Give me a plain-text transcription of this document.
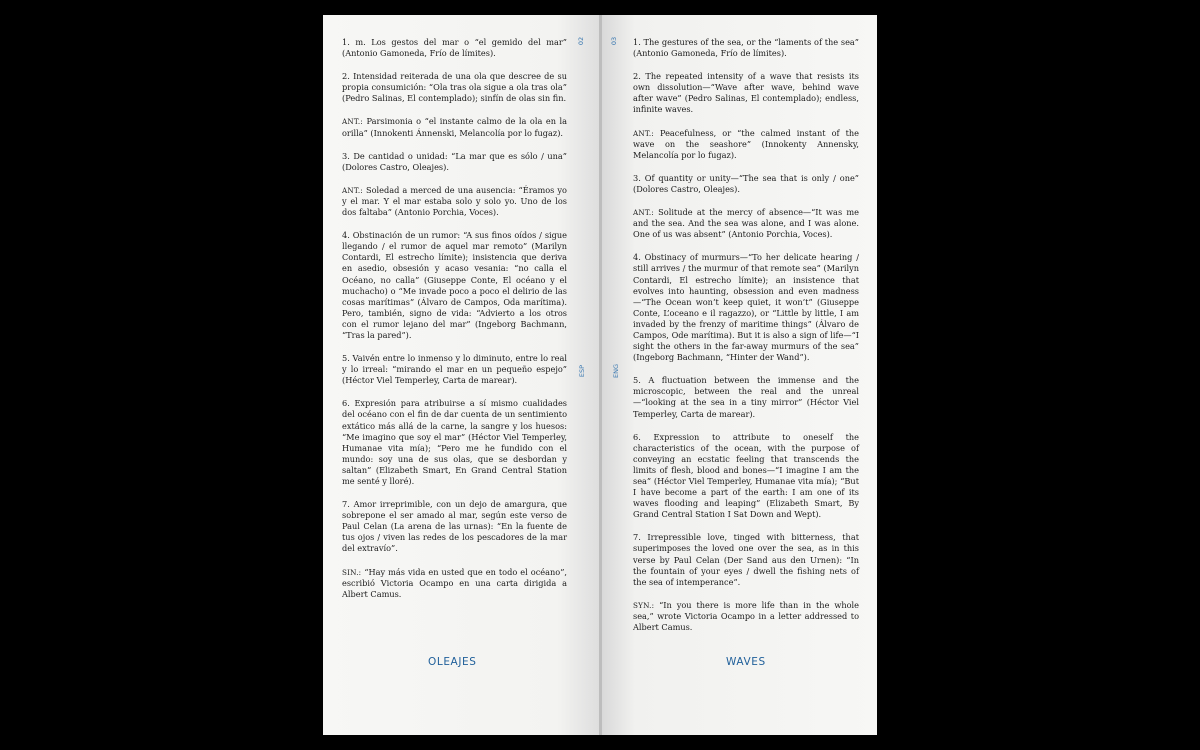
1. m. Los gestos del mar o “el gemido del mar” (Antonio Gamoneda, Frío de límites).

2. Intensidad reiterada de una ola que descree de su propia consumición: “Ola tras ola sigue a ola tras ola” (Pedro Salinas, El contemplado); sinfín de olas sin fin.

ANT.: Parsimonia o “el instante calmo de la ola en la orilla” (Innokenti Ánnenski, Melancolía por lo fugaz).

3. De cantidad o unidad: “La mar que es sólo / una” (Dolores Castro, Oleajes).

ANT.: Soledad a merced de una ausencia: “Éramos yo y el mar. Y el mar estaba solo y solo yo. Uno de los dos faltaba” (Antonio Porchia, Voces).

4. Obstinación de un rumor: “A sus finos oídos / sigue llegando / el rumor de aquel mar remoto” (Marilyn Contardi, El estrecho límite); insistencia que deriva en asedio, obsesión y acaso vesania: “no calla el Océano, no calla” (Giuseppe Conte, El océano y el muchacho) o “Me invade poco a poco el delirio de las cosas marítimas” (Álvaro de Campos, Oda marítima). Pero, también, signo de vida: “Advierto a los otros con el rumor lejano del mar” (Ingeborg Bachmann, “Tras la pared”).

5. Vaivén entre lo inmenso y lo diminuto, entre lo real y lo irreal: “mirando el mar en un pequeño espejo” (Héctor Viel Temperley, Carta de marear).

6. Expresión para atribuirse a sí mismo cualidades del océano con el fin de dar cuenta de un sentimiento extático más allá de la carne, la sangre y los huesos: “Me imagino que soy el mar” (Héctor Viel Temperley, Humanae vita mía); “Pero me he fundido con el mundo: soy una de sus olas, que se desbordan y saltan” (Elizabeth Smart, En Grand Central Station me senté y lloré).

7. Amor irreprimible, con un dejo de amargura, que sobrepone el ser amado al mar, según este verso de Paul Celan (La arena de las urnas): “En la fuente de tus ojos / viven las redes de los pescadores de la mar del extravío”.

SIN.: “Hay más vida en usted que en todo el océano”, escribió Victoria Ocampo en una carta dirigida a Albert Camus.

02
ESP
OLEAJES

1. The gestures of the sea, or the “laments of the sea” (Antonio Gamoneda, Frío de límites).

2. The repeated intensity of a wave that resists its own dissolution—“Wave after wave, behind wave after wave” (Pedro Salinas, El contemplado); endless, infinite waves.

ANT.: Peacefulness, or “the calmed instant of the wave on the seashore” (Innokenty Annensky, Melancolía por lo fugaz).

3. Of quantity or unity—“The sea that is only / one” (Dolores Castro, Oleajes).

ANT.: Solitude at the mercy of absence—“It was me and the sea. And the sea was alone, and I was alone. One of us was absent” (Antonio Porchia, Voces).

4. Obstinacy of murmurs—“To her delicate hearing / still arrives / the murmur of that remote sea” (Marilyn Contardi, El estrecho límite); an insistence that evolves into haunting, obsession and even madness—“The Ocean won’t keep quiet, it won’t” (Giuseppe Conte, L’oceano e il ragazzo), or “Little by little, I am invaded by the frenzy of maritime things” (Álvaro de Campos, Ode marítima). But it is also a sign of life—“I sight the others in the far-away murmurs of the sea” (Ingeborg Bachmann, “Hinter der Wand”).

5. A fluctuation between the immense and the microscopic, between the real and the unreal—“looking at the sea in a tiny mirror” (Héctor Viel Temperley, Carta de marear).

6. Expression to attribute to oneself the characteristics of the ocean, with the purpose of conveying an ecstatic feeling that transcends the limits of flesh, blood and bones—“I imagine I am the sea” (Héctor Viel Temperley, Humanae vita mía); “But I have become a part of the earth: I am one of its waves flooding and leaping” (Elizabeth Smart, By Grand Central Station I Sat Down and Wept).

7. Irrepressible love, tinged with bitterness, that superimposes the loved one over the sea, as in this verse by Paul Celan (Der Sand aus den Urnen): “In the fountain of your eyes / dwell the fishing nets of the sea of intemperance”.

SYN.: “In you there is more life than in the whole sea,” wrote Victoria Ocampo in a letter addressed to Albert Camus.

03
ENG
WAVES
